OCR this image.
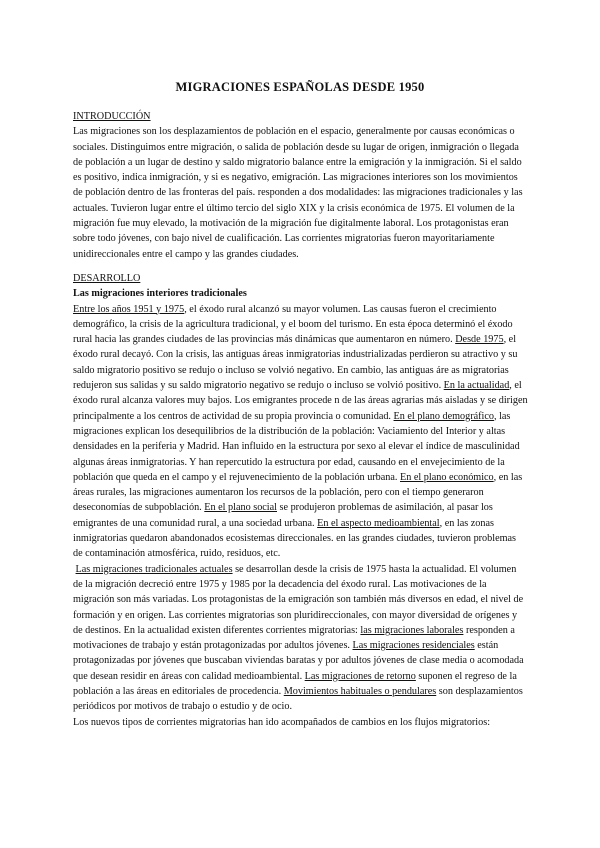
MIGRACIONES ESPAÑOLAS DESDE 1950

INTRODUCCIÓN

Las migraciones son los desplazamientos de población en el espacio, generalmente por causas económicas o sociales. Distinguimos entre migración, o salida de población desde su lugar de origen, inmigración o llegada de población a un lugar de destino y saldo migratorio balance entre la emigración y la inmigración. Si el saldo es positivo, indica inmigración, y si es negativo, emigración. Las migraciones interiores son los movimientos de población dentro de las fronteras del país. responden a dos modalidades: las migraciones tradicionales y las actuales. Tuvieron lugar entre el último tercio del siglo XIX y la crisis económica de 1975. El volumen de la migración fue muy elevado, la motivación de la migración fue digitalmente laboral. Los protagonistas eran sobre todo jóvenes, con bajo nivel de cualificación. Las corrientes migratorias fueron mayoritariamente unidireccionales entre el campo y las grandes ciudades.

DESARROLLO

Las migraciones interiores tradicionales

Entre los años 1951 y 1975, el éxodo rural alcanzó su mayor volumen. Las causas fueron el crecimiento demográfico, la crisis de la agricultura tradicional, y el boom del turismo. En esta época determinó el éxodo rural hacia las grandes ciudades de las provincias más dinámicas que aumentaron en número. Desde 1975, el éxodo rural decayó. Con la crisis, las antiguas áreas inmigratorias industrializadas perdieron su atractivo y su saldo migratorio positivo se redujo o incluso se volvió negativo. En cambio, las antiguas áre as migratorias redujeron sus salidas y su saldo migratorio negativo se redujo o incluso se volvió positivo. En la actualidad, el éxodo rural alcanza valores muy bajos. Los emigrantes procede n de las áreas agrarias más aisladas y se dirigen principalmente a los centros de actividad de su propia provincia o comunidad. En el plano demográfico, las migraciones explican los desequilibrios de la distribución de la población: Vaciamiento del Interior y altas densidades en la periferia y Madrid. Han influido en la estructura por sexo al elevar el índice de masculinidad algunas áreas inmigratorias. Y han repercutido la estructura por edad, causando en el envejecimiento de la población que queda en el campo y el rejuvenecimiento de la población urbana. En el plano económico, en las áreas rurales, las migraciones aumentaron los recursos de la población, pero con el tiempo generaron deseconomías de subpoblación. En el plano social se produjeron problemas de asimilación, al pasar los emigrantes de una comunidad rural, a una sociedad urbana. En el aspecto medioambiental, en las zonas inmigratorias quedaron abandonados ecosistemas direccionales. en las grandes ciudades, tuvieron problemas de contaminación atmosférica, ruido, residuos, etc.

Las migraciones tradicionales actuales se desarrollan desde la crisis de 1975 hasta la actualidad. El volumen de la migración decreció entre 1975 y 1985 por la decadencia del éxodo rural. Las motivaciones de la migración son más variadas. Los protagonistas de la emigración son también más diversos en edad, el nivel de formación y en origen. Las corrientes migratorias son pluridireccionales, con mayor diversidad de orígenes y de destinos. En la actualidad existen diferentes corrientes migratorias: las migraciones laborales responden a motivaciones de trabajo y están protagonizadas por adultos jóvenes. Las migraciones residenciales están protagonizadas por jóvenes que buscaban viviendas baratas y por adultos jóvenes de clase media o acomodada que desean residir en áreas con calidad medioambiental. Las migraciones de retorno suponen el regreso de la población a las áreas en editoriales de procedencia. Movimientos habituales o pendulares son desplazamientos periódicos por motivos de trabajo o estudio y de ocio.

Los nuevos tipos de corrientes migratorias han ido acompañados de cambios en los flujos migratorios:
